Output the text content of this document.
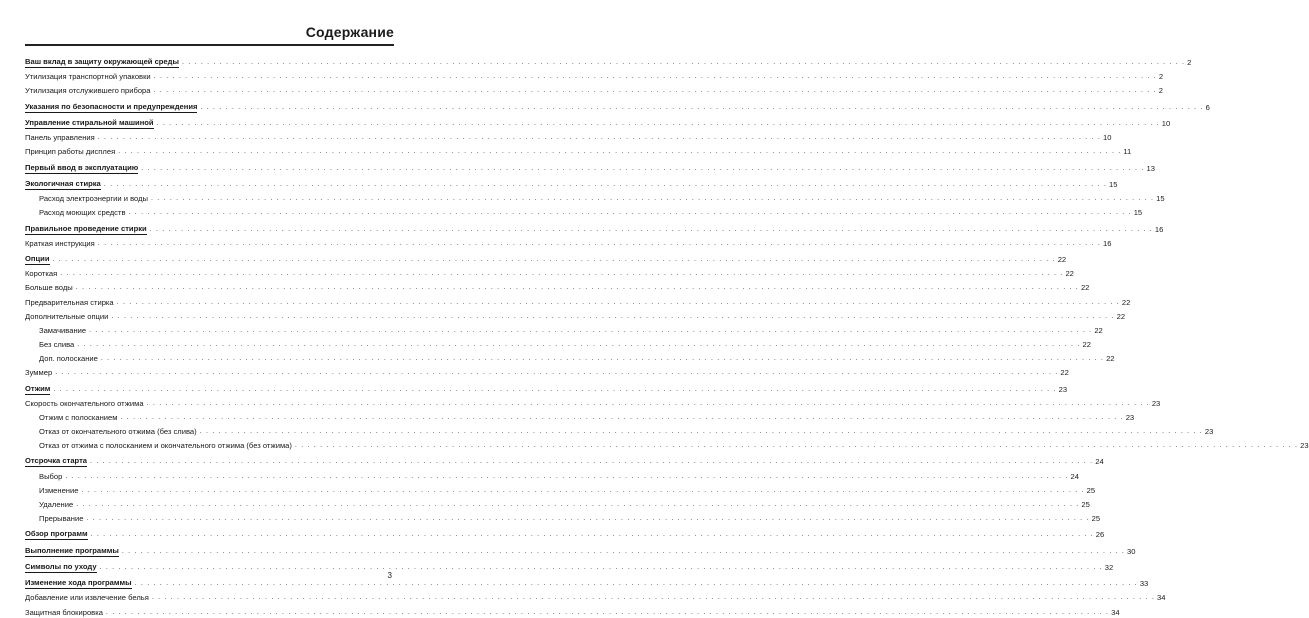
Содержание
Ваш вклад в защиту окружающей среды . . . . . . . . . . . . . . . . . . . . . . . . . . . . . . . . . . . . . . . . . . . . . . . . . . . . . . . . . . . . . . . . . . . . . . . . . . . . . . . . . . . . . . . . . . . . . . . . . . . . . . . . . . . . . . . . . . . . . . . . . . . . . . . . . . . . . . . . . . . . . . . . . . . . . . . . . . . . . . . . 2
Утилизация транспортной упаковки . . . . . . . . . . . . . . . . . . . . . . . . . . . . . . . . . . . . . . . . . . . . . . . . . . . . . . . . . . . . . . . . . . . . . . . . . . . . . . . . . . . . . . . . . . . . . . . . . . . . . . . . . . . . . . . . . . . . . . . . . . . . . . . . . . . . . . . . . . . . . . . . . . . . . . . . . . . . . . . . 2
Утилизация отслужившего прибора . . . . . . . . . . . . . . . . . . . . . . . . . . . . . . . . . . . . . . . . . . . . . . . . . . . . . . . . . . . . . . . . . . . . . . . . . . . . . . . . . . . . . . . . . . . . . . . . . . . . . . . . . . . . . . . . . . . . . . . . . . . . . . . . . . . . . . . . . . . . . . . . . . . . . . . . . . . . . . . . 2
Указания по безопасности и предупреждения . . . . . . . . . . . . . . . . . . . . . . . . . . . . . . . . . . . . . . . . . . . . . . . . . . . . . . . . . . . . . . . . . . . . . . . . . . . . . . . . . . . . . . . . . . . . . . . . . . . . . . . . . . . . . . . . . . . . . . . . . . . . . . . . . . . . . . . . . . . . . . . . . . . . . . . . . . . . . . . . 6
Управление стиральной машиной . . . . . . . . . . . . . . . . . . . . . . . . . . . . . . . . . . . . . . . . . . . . . . . . . . . . . . . . . . . . . . . . . . . . . . . . . . . . . . . . . . . . . . . . . . . . . . . . . . . . . . . . . . . . . . . . . . . . . . . . . . . . . . . . . . . . . . . . . . . . . . . . . . . . . . . . . . . . . . . . 10
Панель управления . . . . . . . . . . . . . . . . . . . . . . . . . . . . . . . . . . . . . . . . . . . . . . . . . . . . . . . . . . . . . . . . . . . . . . . . . . . . . . . . . . . . . . . . . . . . . . . . . . . . . . . . . . . . . . . . . . . . . . . . . . . . . . . . . . . . . . . . . . . . . . . . . . . . . . . . . . . . . . . . 10
Принцип работы дисплея . . . . . . . . . . . . . . . . . . . . . . . . . . . . . . . . . . . . . . . . . . . . . . . . . . . . . . . . . . . . . . . . . . . . . . . . . . . . . . . . . . . . . . . . . . . . . . . . . . . . . . . . . . . . . . . . . . . . . . . . . . . . . . . . . . . . . . . . . . . . . . . . . . . . . . . . . . . . . . . . 11
Первый ввод в эксплуатацию . . . . . . . . . . . . . . . . . . . . . . . . . . . . . . . . . . . . . . . . . . . . . . . . . . . . . . . . . . . . . . . . . . . . . . . . . . . . . . . . . . . . . . . . . . . . . . . . . . . . . . . . . . . . . . . . . . . . . . . . . . . . . . . . . . . . . . . . . . . . . . . . . . . . . . . . . . . . . . . . 13
Экологичная стирка . . . . . . . . . . . . . . . . . . . . . . . . . . . . . . . . . . . . . . . . . . . . . . . . . . . . . . . . . . . . . . . . . . . . . . . . . . . . . . . . . . . . . . . . . . . . . . . . . . . . . . . . . . . . . . . . . . . . . . . . . . . . . . . . . . . . . . . . . . . . . . . . . . . . . . . . . . . . . . . . 15
Расход электроэнергии и воды . . . . . . . . . . . . . . . . . . . . . . . . . . . . . . . . . . . . . . . . . . . . . . . . . . . . . . . . . . . . . . . . . . . . . . . . . . . . . . . . . . . . . . . . . . . . . . . . . . . . . . . . . . . . . . . . . . . . . . . . . . . . . . . . . . . . . . . . . . . . . . . . . . . . . . . . . . . . . . . . 15
Расход моющих средств . . . . . . . . . . . . . . . . . . . . . . . . . . . . . . . . . . . . . . . . . . . . . . . . . . . . . . . . . . . . . . . . . . . . . . . . . . . . . . . . . . . . . . . . . . . . . . . . . . . . . . . . . . . . . . . . . . . . . . . . . . . . . . . . . . . . . . . . . . . . . . . . . . . . . . . . . . . . . . . . 15
Правильное проведение стирки . . . . . . . . . . . . . . . . . . . . . . . . . . . . . . . . . . . . . . . . . . . . . . . . . . . . . . . . . . . . . . . . . . . . . . . . . . . . . . . . . . . . . . . . . . . . . . . . . . . . . . . . . . . . . . . . . . . . . . . . . . . . . . . . . . . . . . . . . . . . . . . . . . . . . . . . . . . . . . . . 16
Краткая инструкция . . . . . . . . . . . . . . . . . . . . . . . . . . . . . . . . . . . . . . . . . . . . . . . . . . . . . . . . . . . . . . . . . . . . . . . . . . . . . . . . . . . . . . . . . . . . . . . . . . . . . . . . . . . . . . . . . . . . . . . . . . . . . . . . . . . . . . . . . . . . . . . . . . . . . . . . . . . . . . . . 16
Опции . . . . . . . . . . . . . . . . . . . . . . . . . . . . . . . . . . . . . . . . . . . . . . . . . . . . . . . . . . . . . . . . . . . . . . . . . . . . . . . . . . . . . . . . . . . . . . . . . . . . . . . . . . . . . . . . . . . . . . . . . . . . . . . . . . . . . . . . . . . . . . . . . . . . . . . . . . . . . . . . 22
Короткая . . . . . . . . . . . . . . . . . . . . . . . . . . . . . . . . . . . . . . . . . . . . . . . . . . . . . . . . . . . . . . . . . . . . . . . . . . . . . . . . . . . . . . . . . . . . . . . . . . . . . . . . . . . . . . . . . . . . . . . . . . . . . . . . . . . . . . . . . . . . . . . . . . . . . . . . . . . . . . . . 22
Больше воды . . . . . . . . . . . . . . . . . . . . . . . . . . . . . . . . . . . . . . . . . . . . . . . . . . . . . . . . . . . . . . . . . . . . . . . . . . . . . . . . . . . . . . . . . . . . . . . . . . . . . . . . . . . . . . . . . . . . . . . . . . . . . . . . . . . . . . . . . . . . . . . . . . . . . . . . . . . . . . . . 22
Предварительная стирка . . . . . . . . . . . . . . . . . . . . . . . . . . . . . . . . . . . . . . . . . . . . . . . . . . . . . . . . . . . . . . . . . . . . . . . . . . . . . . . . . . . . . . . . . . . . . . . . . . . . . . . . . . . . . . . . . . . . . . . . . . . . . . . . . . . . . . . . . . . . . . . . . . . . . . . . . . . . . . . . 22
Дополнительные опции . . . . . . . . . . . . . . . . . . . . . . . . . . . . . . . . . . . . . . . . . . . . . . . . . . . . . . . . . . . . . . . . . . . . . . . . . . . . . . . . . . . . . . . . . . . . . . . . . . . . . . . . . . . . . . . . . . . . . . . . . . . . . . . . . . . . . . . . . . . . . . . . . . . . . . . . . . . . . . . . 22
Замачивание . . . . . . . . . . . . . . . . . . . . . . . . . . . . . . . . . . . . . . . . . . . . . . . . . . . . . . . . . . . . . . . . . . . . . . . . . . . . . . . . . . . . . . . . . . . . . . . . . . . . . . . . . . . . . . . . . . . . . . . . . . . . . . . . . . . . . . . . . . . . . . . . . . . . . . . . . . . . . . . . 22
Без слива . . . . . . . . . . . . . . . . . . . . . . . . . . . . . . . . . . . . . . . . . . . . . . . . . . . . . . . . . . . . . . . . . . . . . . . . . . . . . . . . . . . . . . . . . . . . . . . . . . . . . . . . . . . . . . . . . . . . . . . . . . . . . . . . . . . . . . . . . . . . . . . . . . . . . . . . . . . . . . . . 22
Доп. полоскание . . . . . . . . . . . . . . . . . . . . . . . . . . . . . . . . . . . . . . . . . . . . . . . . . . . . . . . . . . . . . . . . . . . . . . . . . . . . . . . . . . . . . . . . . . . . . . . . . . . . . . . . . . . . . . . . . . . . . . . . . . . . . . . . . . . . . . . . . . . . . . . . . . . . . . . . . . . . . . . . 22
Зуммер . . . . . . . . . . . . . . . . . . . . . . . . . . . . . . . . . . . . . . . . . . . . . . . . . . . . . . . . . . . . . . . . . . . . . . . . . . . . . . . . . . . . . . . . . . . . . . . . . . . . . . . . . . . . . . . . . . . . . . . . . . . . . . . . . . . . . . . . . . . . . . . . . . . . . . . . . . . . . . . . 22
Отжим . . . . . . . . . . . . . . . . . . . . . . . . . . . . . . . . . . . . . . . . . . . . . . . . . . . . . . . . . . . . . . . . . . . . . . . . . . . . . . . . . . . . . . . . . . . . . . . . . . . . . . . . . . . . . . . . . . . . . . . . . . . . . . . . . . . . . . . . . . . . . . . . . . . . . . . . . . . . . . . . 23
Скорость окончательного отжима . . . . . . . . . . . . . . . . . . . . . . . . . . . . . . . . . . . . . . . . . . . . . . . . . . . . . . . . . . . . . . . . . . . . . . . . . . . . . . . . . . . . . . . . . . . . . . . . . . . . . . . . . . . . . . . . . . . . . . . . . . . . . . . . . . . . . . . . . . . . . . . . . . . . . . . . . . . . . . . . 23
Отжим с полосканием . . . . . . . . . . . . . . . . . . . . . . . . . . . . . . . . . . . . . . . . . . . . . . . . . . . . . . . . . . . . . . . . . . . . . . . . . . . . . . . . . . . . . . . . . . . . . . . . . . . . . . . . . . . . . . . . . . . . . . . . . . . . . . . . . . . . . . . . . . . . . . . . . . . . . . . . . . . . . . . . 23
Отказ от окончательного отжима (без слива) . . . . . . . . . . . . . . . . . . . . . . . . . . . . . . . . . . . . . . . . . . . . . . . . . . . . . . . . . . . . . . . . . . . . . . . . . . . . . . . . . . . . . . . . . . . . . . . . . . . . . . . . . . . . . . . . . . . . . . . . . . . . . . . . . . . . . . . . . . . . . . . . . . . . . . . . . . . . . . . . 23
Отказ от отжима с полосканием и окончательного отжима (без отжима) . . . . . . . . . . . . . . . . . . . . . . . . . . . . . . . . . . . . . . . . . . . . . . . . . . . . . . . . . . . . . . . . . . . . . . . . . . . . . . . . . . . . . . . . . . . . . . . . . . . . . . . . . . . . . . . . . . . . . . . . . . . . . . . . . . . . . . . . . . . . . . . . . . . . . . . . . . . . . . . . 23
Отсрочка старта . . . . . . . . . . . . . . . . . . . . . . . . . . . . . . . . . . . . . . . . . . . . . . . . . . . . . . . . . . . . . . . . . . . . . . . . . . . . . . . . . . . . . . . . . . . . . . . . . . . . . . . . . . . . . . . . . . . . . . . . . . . . . . . . . . . . . . . . . . . . . . . . . . . . . . . . . . . . . . . . 24
Выбор . . . . . . . . . . . . . . . . . . . . . . . . . . . . . . . . . . . . . . . . . . . . . . . . . . . . . . . . . . . . . . . . . . . . . . . . . . . . . . . . . . . . . . . . . . . . . . . . . . . . . . . . . . . . . . . . . . . . . . . . . . . . . . . . . . . . . . . . . . . . . . . . . . . . . . . . . . . . . . . . 24
Изменение . . . . . . . . . . . . . . . . . . . . . . . . . . . . . . . . . . . . . . . . . . . . . . . . . . . . . . . . . . . . . . . . . . . . . . . . . . . . . . . . . . . . . . . . . . . . . . . . . . . . . . . . . . . . . . . . . . . . . . . . . . . . . . . . . . . . . . . . . . . . . . . . . . . . . . . . . . . . . . . . 25
Удаление . . . . . . . . . . . . . . . . . . . . . . . . . . . . . . . . . . . . . . . . . . . . . . . . . . . . . . . . . . . . . . . . . . . . . . . . . . . . . . . . . . . . . . . . . . . . . . . . . . . . . . . . . . . . . . . . . . . . . . . . . . . . . . . . . . . . . . . . . . . . . . . . . . . . . . . . . . . . . . . . 25
Прерывание . . . . . . . . . . . . . . . . . . . . . . . . . . . . . . . . . . . . . . . . . . . . . . . . . . . . . . . . . . . . . . . . . . . . . . . . . . . . . . . . . . . . . . . . . . . . . . . . . . . . . . . . . . . . . . . . . . . . . . . . . . . . . . . . . . . . . . . . . . . . . . . . . . . . . . . . . . . . . . . . 25
Обзор программ . . . . . . . . . . . . . . . . . . . . . . . . . . . . . . . . . . . . . . . . . . . . . . . . . . . . . . . . . . . . . . . . . . . . . . . . . . . . . . . . . . . . . . . . . . . . . . . . . . . . . . . . . . . . . . . . . . . . . . . . . . . . . . . . . . . . . . . . . . . . . . . . . . . . . . . . . . . . . . . . 26
Выполнение программы . . . . . . . . . . . . . . . . . . . . . . . . . . . . . . . . . . . . . . . . . . . . . . . . . . . . . . . . . . . . . . . . . . . . . . . . . . . . . . . . . . . . . . . . . . . . . . . . . . . . . . . . . . . . . . . . . . . . . . . . . . . . . . . . . . . . . . . . . . . . . . . . . . . . . . . . . . . . . . . . 30
Символы по уходу . . . . . . . . . . . . . . . . . . . . . . . . . . . . . . . . . . . . . . . . . . . . . . . . . . . . . . . . . . . . . . . . . . . . . . . . . . . . . . . . . . . . . . . . . . . . . . . . . . . . . . . . . . . . . . . . . . . . . . . . . . . . . . . . . . . . . . . . . . . . . . . . . . . . . . . . . . . . . . . . 32
Изменение хода программы . . . . . . . . . . . . . . . . . . . . . . . . . . . . . . . . . . . . . . . . . . . . . . . . . . . . . . . . . . . . . . . . . . . . . . . . . . . . . . . . . . . . . . . . . . . . . . . . . . . . . . . . . . . . . . . . . . . . . . . . . . . . . . . . . . . . . . . . . . . . . . . . . . . . . . . . . . . . . . . . 33
Добавление или извлечение белья . . . . . . . . . . . . . . . . . . . . . . . . . . . . . . . . . . . . . . . . . . . . . . . . . . . . . . . . . . . . . . . . . . . . . . . . . . . . . . . . . . . . . . . . . . . . . . . . . . . . . . . . . . . . . . . . . . . . . . . . . . . . . . . . . . . . . . . . . . . . . . . . . . . . . . . . . . . . . . . . 34
Защитная блокировка . . . . . . . . . . . . . . . . . . . . . . . . . . . . . . . . . . . . . . . . . . . . . . . . . . . . . . . . . . . . . . . . . . . . . . . . . . . . . . . . . . . . . . . . . . . . . . . . . . . . . . . . . . . . . . . . . . . . . . . . . . . . . . . . . . . . . . . . . . . . . . . . . . . . . . . . . . . . . . . . 34
3
